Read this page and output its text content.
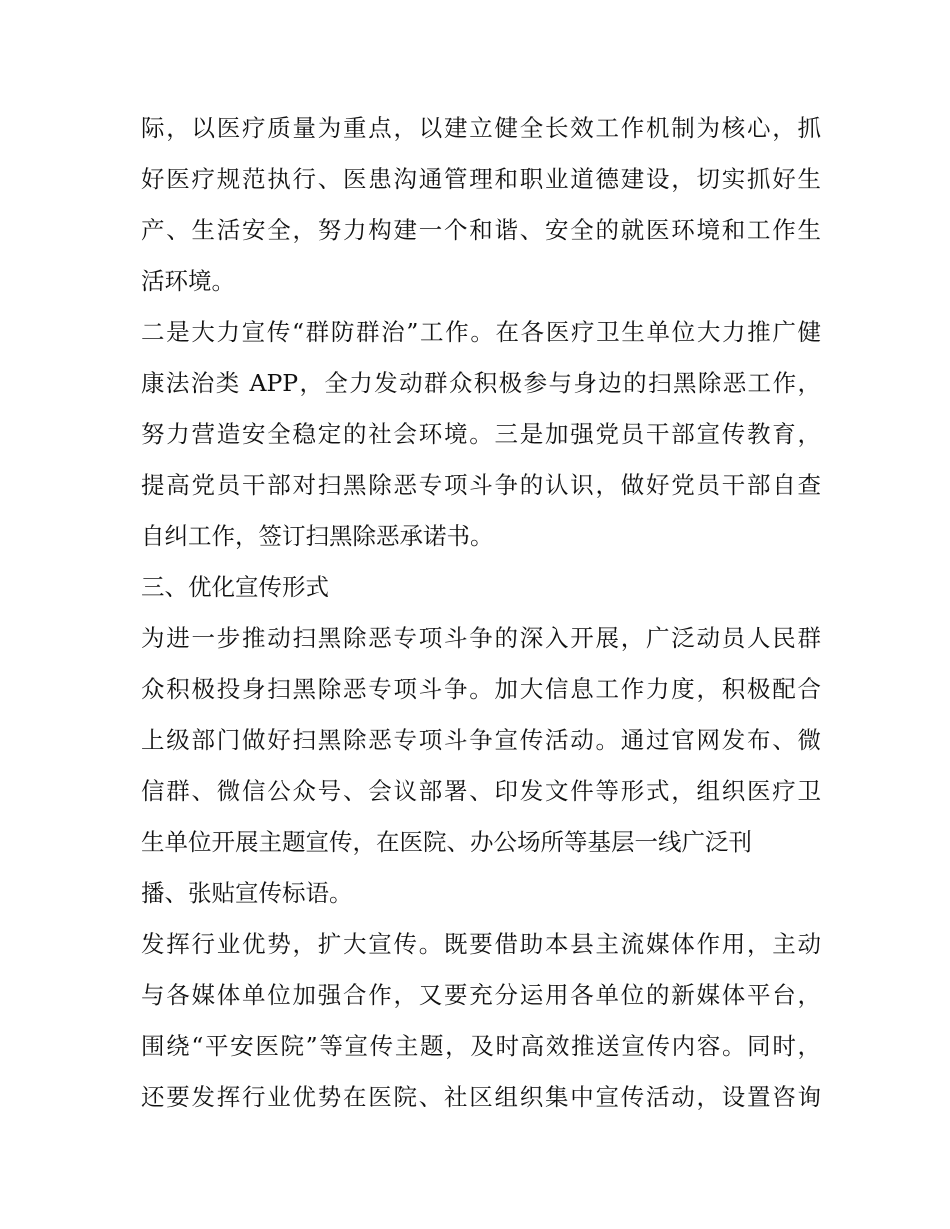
际，以医疗质量为重点，以建立健全长效工作机制为核心，抓
好医疗规范执行、医患沟通管理和职业道德建设，切实抓好生
产、生活安全，努力构建一个和谐、安全的就医环境和工作生
活环境。
二是大力宣传“群防群治”工作。在各医疗卫生单位大力推广健
康法治类 APP，全力发动群众积极参与身边的扫黑除恶工作，
努力营造安全稳定的社会环境。三是加强党员干部宣传教育，
提高党员干部对扫黑除恶专项斗争的认识，做好党员干部自查
自纠工作，签订扫黑除恶承诺书。
三、优化宣传形式
为进一步推动扫黑除恶专项斗争的深入开展，广泛动员人民群
众积极投身扫黑除恶专项斗争。加大信息工作力度，积极配合
上级部门做好扫黑除恶专项斗争宣传活动。通过官网发布、微
信群、微信公众号、会议部署、印发文件等形式，组织医疗卫
生单位开展主题宣传，在医院、办公场所等基层一线广泛刊
播、张贴宣传标语。
发挥行业优势，扩大宣传。既要借助本县主流媒体作用，主动
与各媒体单位加强合作，又要充分运用各单位的新媒体平台，
围绕“平安医院”等宣传主题，及时高效推送宣传内容。同时，
还要发挥行业优势在医院、社区组织集中宣传活动，设置咨询
